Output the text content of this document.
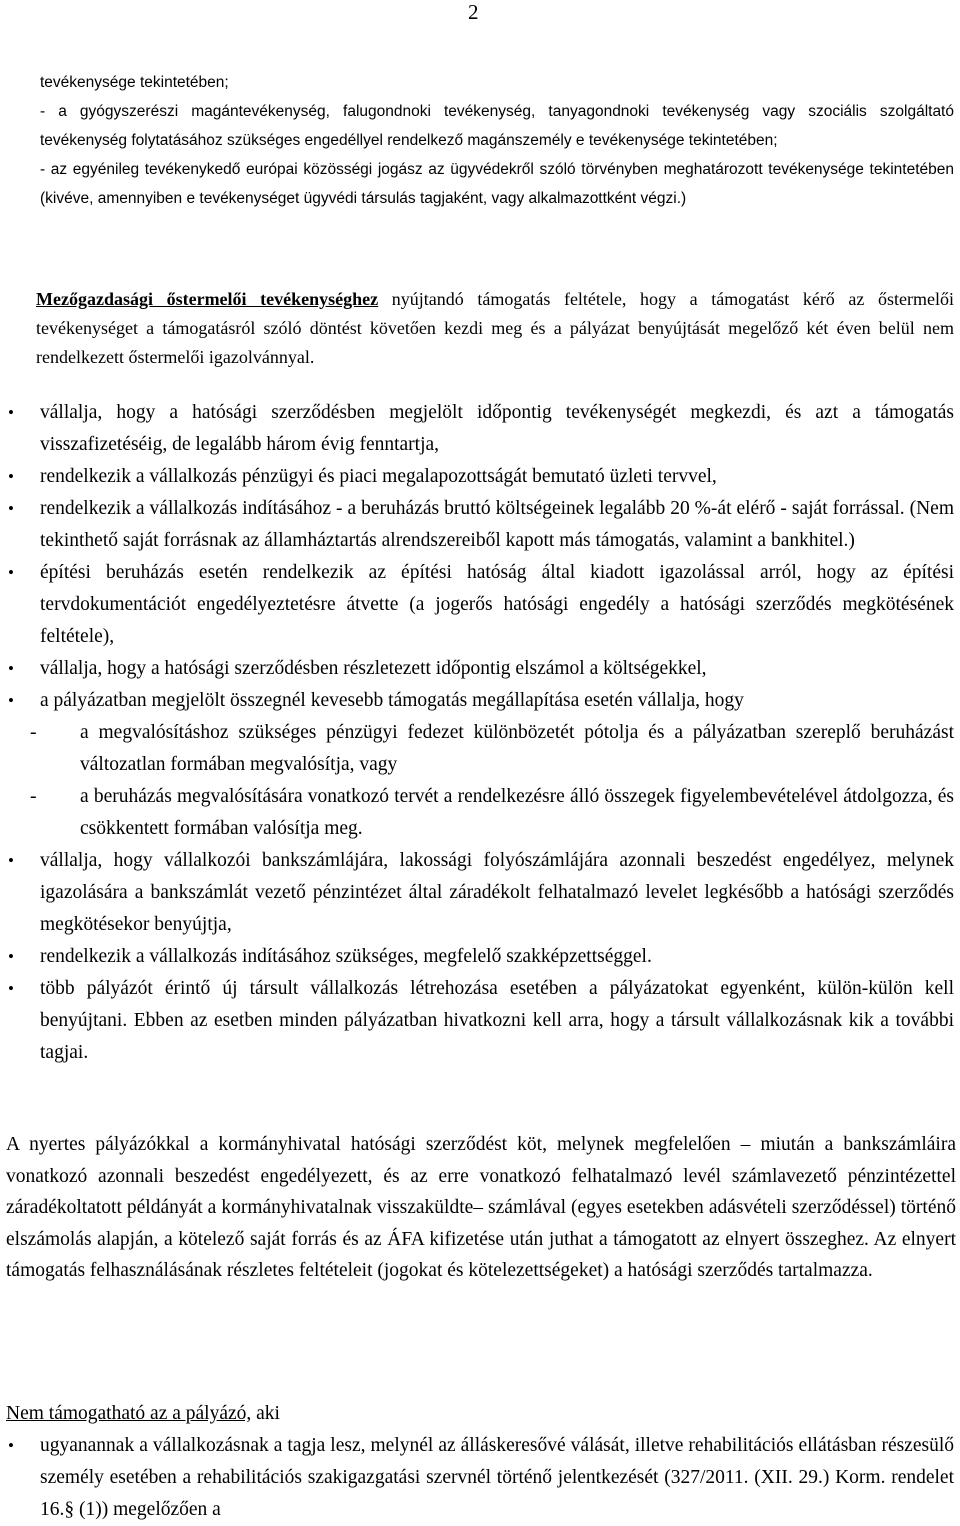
2

tevékenysége tekintetében;

- a gyógyszerészi magántevékenység, falugondnoki tevékenység, tanyagondnoki tevékenység vagy szociális szolgáltató tevékenység folytatásához szükséges engedéllyel rendelkező magánszemély e tevékenysége tekintetében;

- az egyénileg tevékenykedő európai közösségi jogász az ügyvédekről szóló törvényben meghatározott tevékenysége tekintetében (kivéve, amennyiben e tevékenységet ügyvédi társulás tagjaként, vagy alkalmazottként végzi.)

Mezőgazdasági őstermelői tevékenységhez nyújtandó támogatás feltétele, hogy a támogatást kérő az őstermelői tevékenységet a támogatásról szóló döntést követően kezdi meg és a pályázat benyújtását megelőző két éven belül nem rendelkezett őstermelői igazolvánnyal.

• vállalja, hogy a hatósági szerződésben megjelölt időpontig tevékenységét megkezdi, és azt a támogatás visszafizetéséig, de legalább három évig fenntartja,

• rendelkezik a vállalkozás pénzügyi és piaci megalapozottságát bemutató üzleti tervvel,

• rendelkezik a vállalkozás indításához - a beruházás bruttó költségeinek legalább 20 %-át elérő - saját forrással. (Nem tekinthető saját forrásnak az államháztartás alrendszereiből kapott más támogatás, valamint a bankhitel.)

• építési beruházás esetén rendelkezik az építési hatóság által kiadott igazolással arról, hogy az építési tervdokumentációt engedélyeztetésre átvette (a jogerős hatósági engedély a hatósági szerződés megkötésének feltétele),

• vállalja, hogy a hatósági szerződésben részletezett időpontig elszámol a költségekkel,

• a pályázatban megjelölt összegnél kevesebb támogatás megállapítása esetén vállalja, hogy

- a megvalósításhoz szükséges pénzügyi fedezet különbözetét pótolja és a pályázatban szereplő beruházást változatlan formában megvalósítja, vagy

- a beruházás megvalósítására vonatkozó tervét a rendelkezésre álló összegek figyelembevételével átdolgozza, és csökkentett formában valósítja meg.

• vállalja, hogy vállalkozói bankszámlájára, lakossági folyószámlájára azonnali beszedést engedélyez, melynek igazolására a bankszámlát vezető pénzintézet által záradékolt felhatalmazó levelet legkésőbb a hatósági szerződés megkötésekor benyújtja,

• rendelkezik a vállalkozás indításához szükséges, megfelelő szakképzettséggel.

• több pályázót érintő új társult vállalkozás létrehozása esetében a pályázatokat egyenként, külön-külön kell benyújtani. Ebben az esetben minden pályázatban hivatkozni kell arra, hogy a társult vállalkozásnak kik a további tagjai.

A nyertes pályázókkal a kormányhivatal hatósági szerződést köt, melynek megfelelően – miután a bankszámláira vonatkozó azonnali beszedést engedélyezett, és az erre vonatkozó felhatalmazó levél számlavezető pénzintézettel záradékoltatott példányát a kormányhivatalnak visszaküldte– számlával (egyes esetekben adásvételi szerződéssel) történő elszámolás alapján, a kötelező saját forrás és az ÁFA kifizetése után juthat a támogatott az elnyert összeghez. Az elnyert támogatás felhasználásának részletes feltételeit (jogokat és kötelezettségeket) a hatósági szerződés tartalmazza.

Nem támogatható az a pályázó, aki

• ugyanannak a vállalkozásnak a tagja lesz, melynél az álláskeresővé válását, illetve rehabilitációs ellátásban részesülő személy esetében a rehabilitációs szakigazgatási szervnél történő jelentkezését (327/2011. (XII. 29.) Korm. rendelet 16.§ (1)) megelőzően a
